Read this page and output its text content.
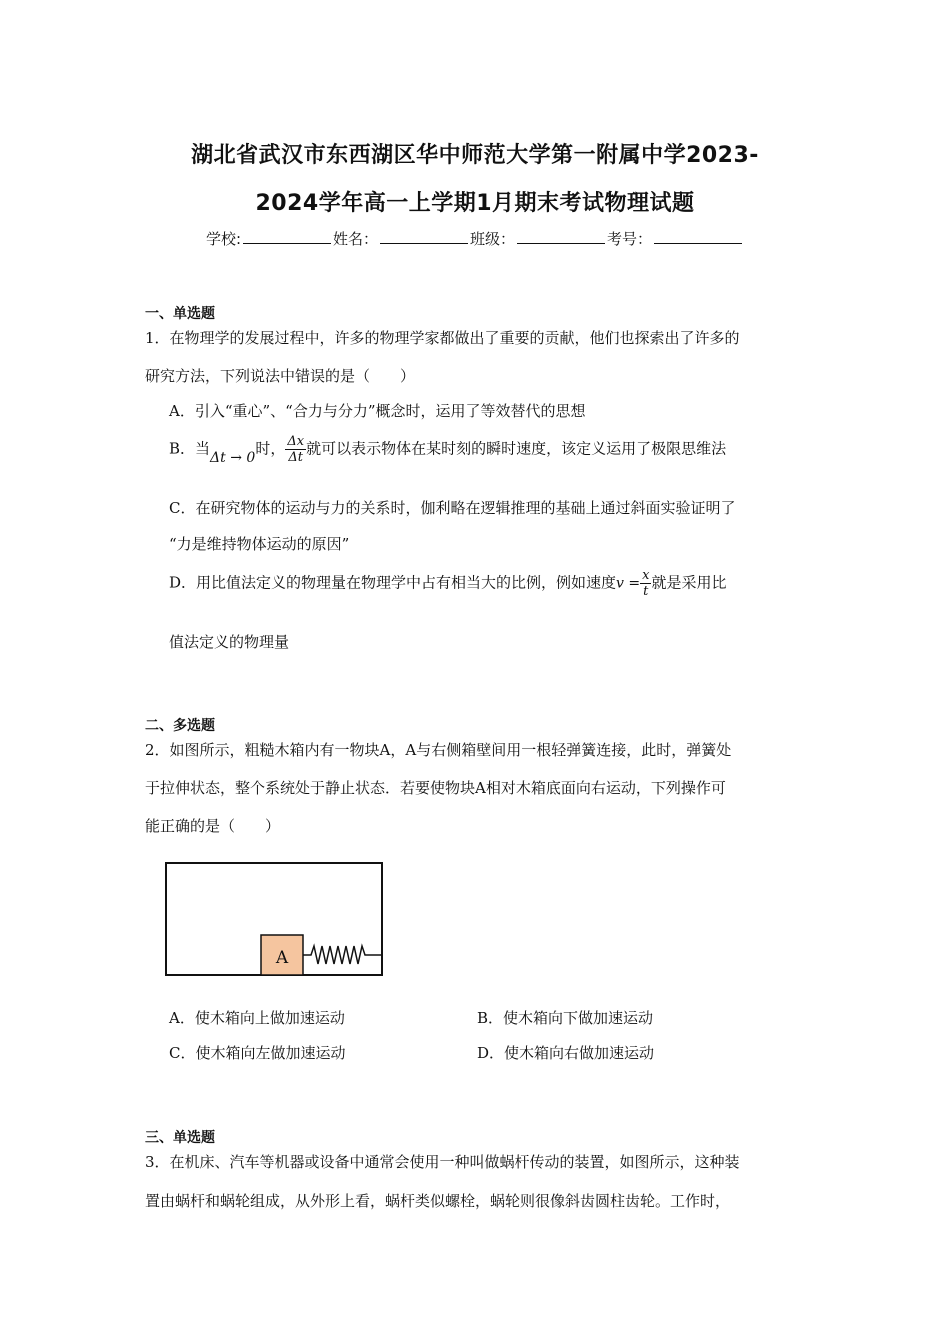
湖北省武汉市东西湖区华中师范大学第一附属中学2023-
2024学年高一上学期1月期末考试物理试题
学校:	姓名：	班级：	考号：
一、单选题
1．在物理学的发展过程中，许多的物理学家都做出了重要的贡献，他们也探索出了许多的
研究方法，下列说法中错误的是（　　）
A．引入“重心”、“合力与分力”概念时，运用了等效替代的思想
B．当Δt → 0时， $\frac{\Delta x}{\Delta t}$ 就可以表示物体在某时刻的瞬时速度，该定义运用了极限思维法
C．在研究物体的运动与力的关系时，伽利略在逻辑推理的基础上通过斜面实验证明了
“力是维持物体运动的原因”
D．用比值法定义的物理量在物理学中占有相当大的比例，例如速度$v = \frac{x}{t}$ 就是采用比
值法定义的物理量
二、多选题
2．如图所示，粗糙木箱内有一物块A，A与右侧箱壁间用一根轻弹簧连接，此时，弹簧处
于拉伸状态，整个系统处于静止状态．若要使物块A相对木箱底面向右运动，下列操作可
能正确的是（　　）
A
A．使木箱向上做加速运动	B．使木箱向下做加速运动
C．使木箱向左做加速运动	D．使木箱向右做加速运动
三、单选题
3．在机床、汽车等机器或设备中通常会使用一种叫做蜗杆传动的装置，如图所示，这种装
置由蜗杆和蜗轮组成，从外形上看，蜗杆类似螺栓，蜗轮则很像斜齿圆柱齿轮。工作时，
